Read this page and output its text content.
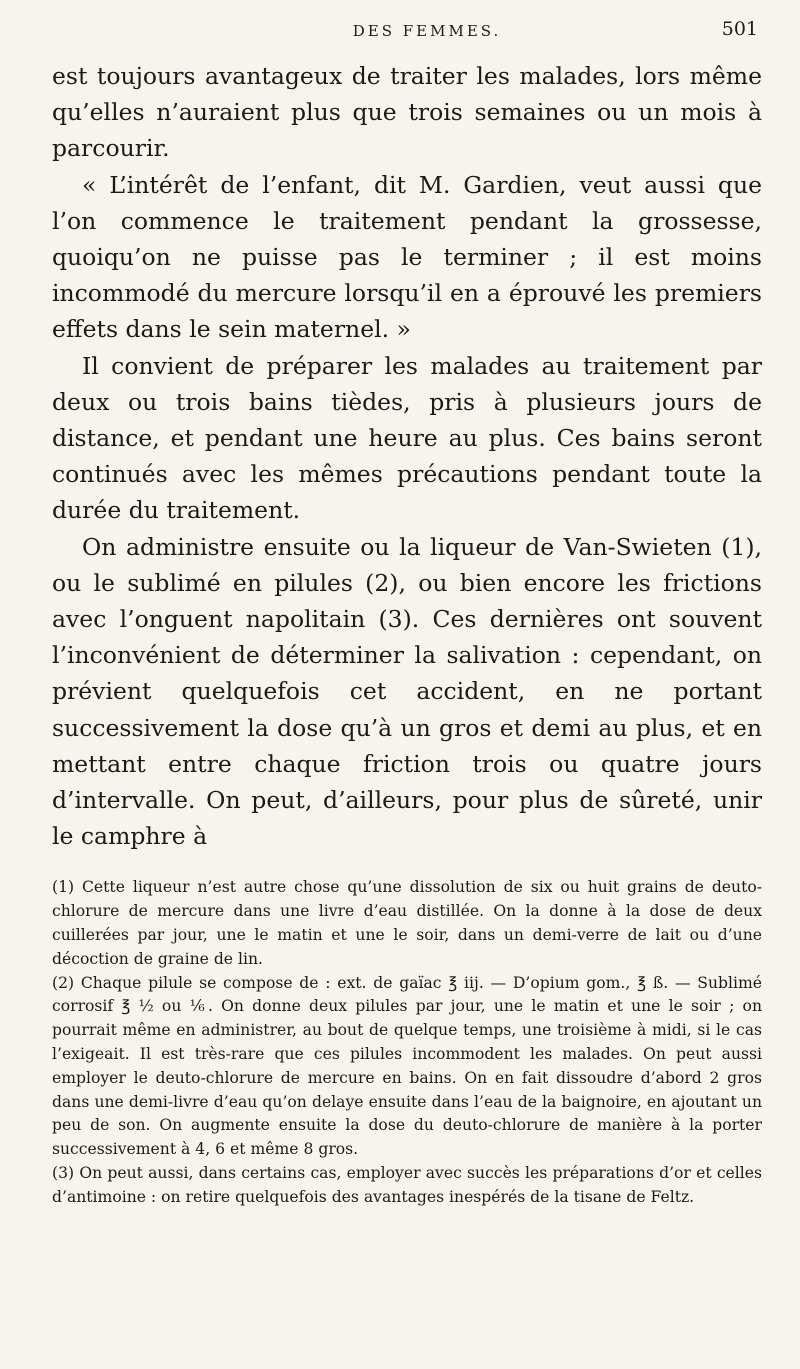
DES FEMMES.	501

est toujours avantageux de traiter les malades, lors même qu’elles n’auraient plus que trois semaines ou un mois à parcourir.

« L’intérêt de l’enfant, dit M. Gardien, veut aussi que l’on commence le traitement pendant la grossesse, quoiqu’on ne puisse pas le terminer ; il est moins incommodé du mercure lorsqu’il en a éprouvé les premiers effets dans le sein maternel. »

Il convient de préparer les malades au traitement par deux ou trois bains tièdes, pris à plusieurs jours de distance, et pendant une heure au plus. Ces bains seront continués avec les mêmes précautions pendant toute la durée du traitement.

On administre ensuite ou la liqueur de Van-Swieten (1), ou le sublimé en pilules (2), ou bien encore les frictions avec l’onguent napolitain (3). Ces dernières ont souvent l’inconvénient de déterminer la salivation : cependant, on prévient quelquefois cet accident, en ne portant successivement la dose qu’à un gros et demi au plus, et en mettant entre chaque friction trois ou quatre jours d’intervalle. On peut, d’ailleurs, pour plus de sûreté, unir le camphre à

(1) Cette liqueur n’est autre chose qu’une dissolution de six ou huit grains de deuto-chlorure de mercure dans une livre d’eau distillée. On la donne à la dose de deux cuillerées par jour, une le matin et une le soir, dans un demi-verre de lait ou d’une décoction de graine de lin.

(2) Chaque pilule se compose de : ext. de gaïac ℥ iij. — D’opium gom., ℥ ß. — Sublimé corrosif ℥ ½ ou ⅙. On donne deux pilules par jour, une le matin et une le soir ; on pourrait même en administrer, au bout de quelque temps, une troisième à midi, si le cas l’exigeait. Il est très-rare que ces pilules incommodent les malades. On peut aussi employer le deuto-chlorure de mercure en bains. On en fait dissoudre d’abord 2 gros dans une demi-livre d’eau qu’on delaye ensuite dans l’eau de la baignoire, en ajoutant un peu de son. On augmente ensuite la dose du deuto-chlorure de manière à la porter successivement à 4, 6 et même 8 gros.

(3) On peut aussi, dans certains cas, employer avec succès les préparations d’or et celles d’antimoine : on retire quelquefois des avantages inespérés de la tisane de Feltz.
